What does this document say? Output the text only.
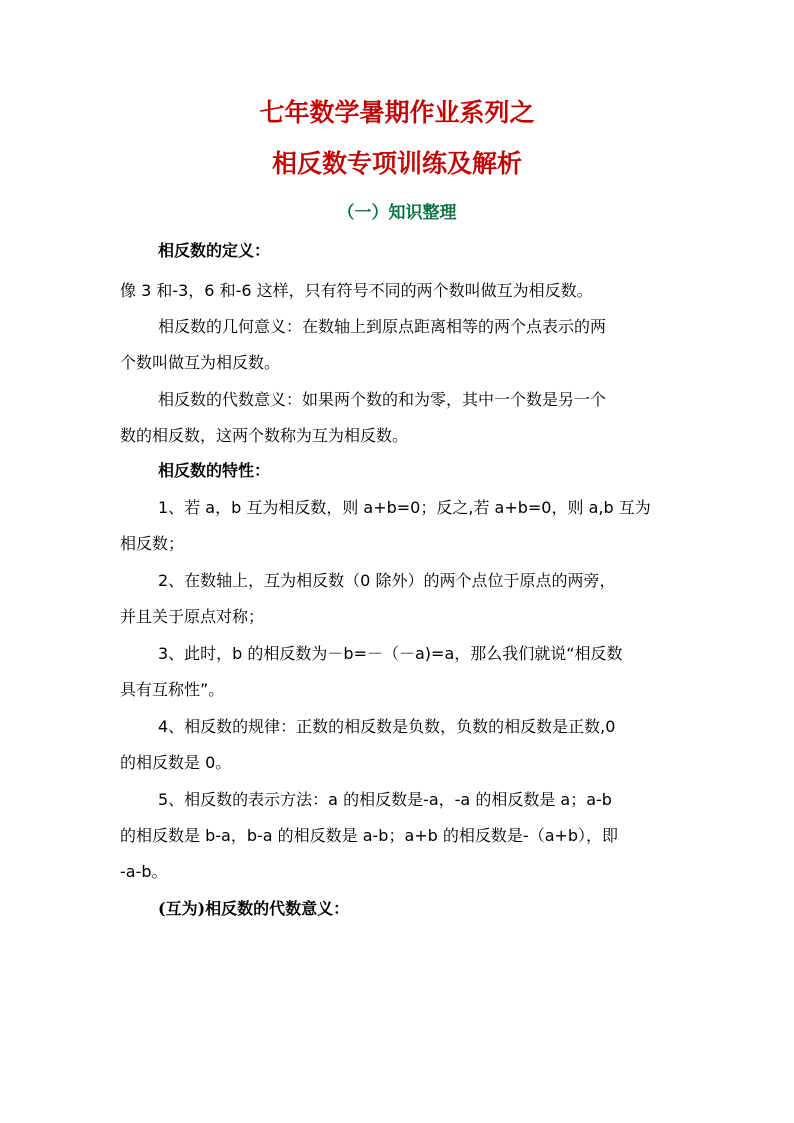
七年数学暑期作业系列之
相反数专项训练及解析
（一）知识整理

相反数的定义：

像 3 和-3，6 和-6 这样，只有符号不同的两个数叫做互为相反数。

相反数的几何意义：在数轴上到原点距离相等的两个点表示的两

个数叫做互为相反数。

相反数的代数意义：如果两个数的和为零，其中一个数是另一个

数的相反数，这两个数称为互为相反数。

相反数的特性：

1、若 a，b 互为相反数，则 a+b=0；反之,若 a+b=0，则 a,b 互为

相反数；

2、在数轴上，互为相反数（0 除外）的两个点位于原点的两旁，

并且关于原点对称；

3、此时，b 的相反数为－b=－（－a)=a，那么我们就说“相反数

具有互称性”。

4、相反数的规律：正数的相反数是负数，负数的相反数是正数,0

的相反数是 0。

5、相反数的表示方法：a 的相反数是-a，-a 的相反数是 a；a-b

的相反数是 b-a，b-a 的相反数是 a-b；a+b 的相反数是-（a+b），即

-a-b。

(互为)相反数的代数意义：
